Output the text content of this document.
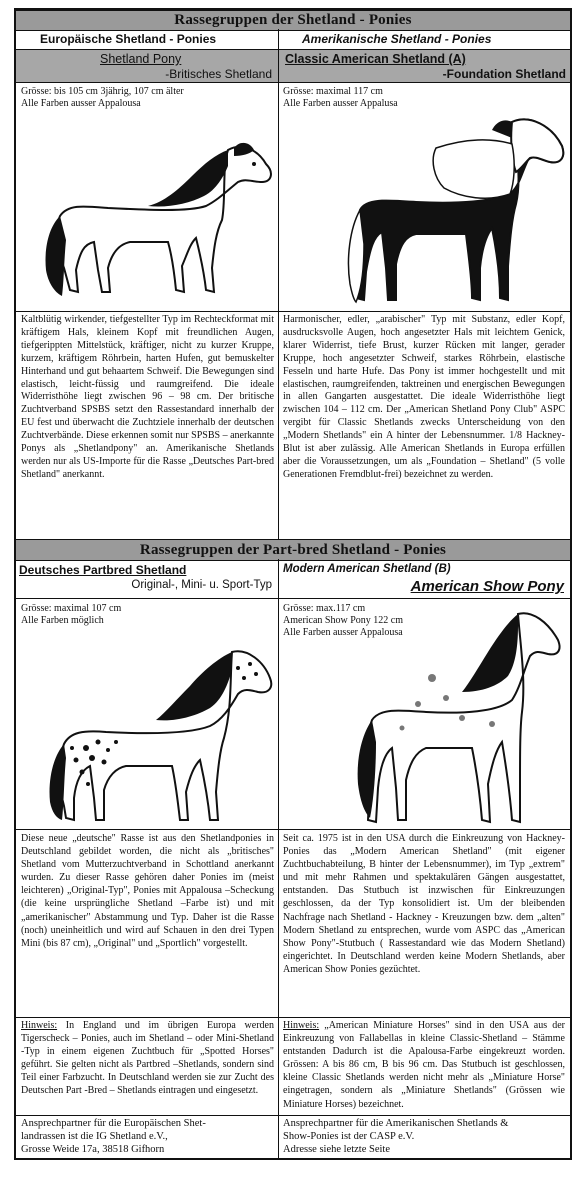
Rassegruppen der Shetland - Ponies
Europäische Shetland - Ponies	Amerikanische Shetland - Ponies
Shetland Pony
-Britisches Shetland
Classic American Shetland (A)
-Foundation Shetland
Grösse: bis 105 cm 3jährig, 107 cm älter
Alle Farben ausser Appalousa
Grösse: maximal 117 cm
Alle Farben ausser Appalusa
Kaltblütig wirkender, tiefgestellter Typ im Rechteckformat mit kräftigem Hals, kleinem Kopf mit freundlichen Augen, tiefgerippten Mittelstück, kräftiger, nicht zu kurzer Kruppe, kurzem, kräftigem Röhrbein, harten Hufen, gut bemuskelter Hinterhand und gut behaartem Schweif. Die Bewegungen sind elastisch, leicht-füssig und raumgreifend. Die ideale Widerristhöhe liegt zwischen 96 – 98 cm. Der britische Zuchtverband SPSBS setzt den Rassestandard innerhalb der EU fest und überwacht die Zuchtziele innerhalb der deutschen Zuchtverbände. Diese erkennen somit nur SPSBS – anerkannte Ponys als „Shetlandpony" an. Amerikanische Shetlands werden nur als US-Importe für die Rasse „Deutsches Part-bred Shetland" anerkannt.
Harmonischer, edler, „arabischer" Typ mit Substanz, edler Kopf, ausdrucksvolle Augen, hoch angesetzter Hals mit leichtem Genick, klarer Widerrist, tiefe Brust, kurzer Rücken mit langer, gerader Kruppe, hoch angesetzter Schweif, starkes Röhrbein, elastische Fesseln und harte Hufe. Das Pony ist immer hochgestellt und mit elastischen, raumgreifenden, taktreinen und energischen Bewegungen in allen Gangarten ausgestattet. Die ideale Widerristhöhe liegt zwischen 104 – 112 cm. Der „American Shetland Pony Club" ASPC vergibt für Classic Shetlands zwecks Unterscheidung von den „Modern Shetlands" ein A hinter der Lebensnummer. 1/8 Hackney-Blut ist aber zulässig. Alle American Shetlands in Europa erfüllen aber die Voraussetzungen, um als „Foundation – Shetland" (5 volle Generationen Fremdblut-frei) bezeichnet zu werden.
Rassegruppen der Part-bred Shetland - Ponies
Deutsches Partbred Shetland
Original-, Mini- u. Sport-Typ
Modern American Shetland (B)
American Show Pony
Grösse: maximal 107 cm
Alle Farben möglich
Grösse: max.117 cm
American Show Pony 122 cm
Alle Farben ausser Appalousa
Diese neue „deutsche" Rasse ist aus den Shetlandponies in Deutschland gebildet worden, die nicht als „britisches" Shetland vom Mutterzuchtverband in Schottland anerkannt wurden. Zu dieser Rasse gehören daher Ponies im (meist leichteren) „Original-Typ", Ponies mit Appalousa –Scheckung (die keine ursprüngliche Shetland –Farbe ist) und mit „amerikanischer" Abstammung und Typ. Daher ist die Rasse (noch) uneinheitlich und wird auf Schauen in den drei Typen Mini (bis 87 cm), „Original" und „Sportlich" vorgestellt.
Seit ca. 1975 ist in den USA durch die Einkreuzung von Hackney-Ponies das „Modern American Shetland" (mit eigener Zuchtbuchabteilung, B hinter der Lebensnummer), im Typ „extrem" und mit mehr Rahmen und spektakulären Gängen ausgestattet, entstanden. Das Stutbuch ist inzwischen für Einkreuzungen geschlossen, da der Typ konsolidiert ist. Um der bleibenden Nachfrage nach Shetland - Hackney - Kreuzungen bzw. dem „alten" Modern Shetland zu entsprechen, wurde vom ASPC das „American Show Pony"-Stutbuch ( Rassestandard wie das Modern Shetland) eingerichtet. In Deutschland werden keine Modern Shetlands, aber American Show Ponies gezüchtet.
Hinweis: In England und im übrigen Europa werden Tigerscheck – Ponies, auch im Shetland – oder Mini-Shetland -Typ in einem eigenen Zuchtbuch für „Spotted Horses" geführt. Sie gelten nicht als Partbred –Shetlands, sondern sind Teil einer Farbzucht. In Deutschland werden sie zur Zucht des Deutschen Part -Bred – Shetlands eintragen und eingesetzt.
Hinweis: „American Miniature Horses" sind in den USA aus der Einkreuzung von Fallabellas in kleine Classic-Shetland – Stämme entstanden Dadurch ist die Apalousa-Farbe eingekreuzt worden. Grössen: A bis 86 cm, B bis 96 cm. Das Stutbuch ist geschlossen, kleine Classic Shetlands werden nicht mehr als „Miniature Horse" eingetragen, sondern als „Miniature Shetlands" (Grössen wie Miniature Horses) bezeichnet.
Ansprechpartner für die Europäischen Shet-
landrassen ist die IG Shetland e.V.,
Grosse Weide 17a, 38518 Gifhorn
Ansprechpartner für die Amerikanischen Shetlands &
Show-Ponies ist der CASP e.V.
Adresse siehe letzte Seite
